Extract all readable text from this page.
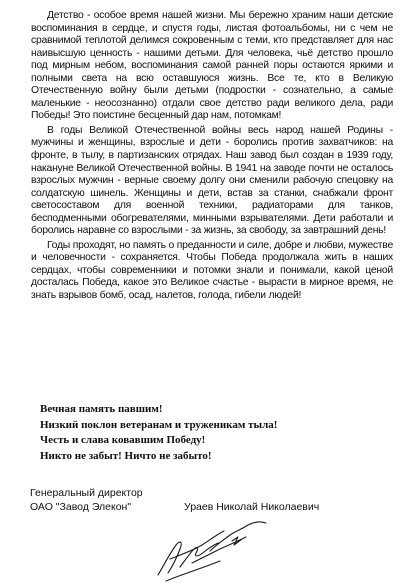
Детство - особое время нашей жизни. Мы бережно храним наши детские воспоминания в сердце, и спустя годы, листая фотоальбомы, ни с чем не сравнимой теплотой делимся сокровенным с теми, кто представляет для нас наивысшую ценность - нашими детьми. Для человека, чьё детство прошло под мирным небом, воспоминания самой ранней поры остаются яркими и полными света на всю оставшуюся жизнь. Все те, кто в Великую Отечественную войну были детьми (подростки - сознательно, а самые маленькие - неосознанно) отдали свое детство ради великого дела, ради Победы! Это поистине бесценный дар нам, потомкам!

В годы Великой Отечественной войны весь народ нашей Родины - мужчины и женщины, взрослые и дети - боролись против захватчиков: на фронте, в тылу, в партизанских отрядах. Наш завод был создан в 1939 году, накануне Великой Отечественной войны. В 1941 на заводе почти не осталось взрослых мужчин - верные своему долгу они сменили рабочую спецовку на солдатскую шинель. Женщины и дети, встав за станки, снабжали фронт светосоставом для военной техники, радиаторами для танков, бесподменными обогревателями, минными взрывателями. Дети работали и боролись наравне со взрослыми - за жизнь, за свободу, за завтрашний день!

Годы проходят, но память о преданности и силе, добре и любви, мужестве и человечности - сохраняется. Чтобы Победа продолжала жить в наших сердцах, чтобы современники и потомки знали и понимали, какой ценой досталась Победа, какое это Великое счастье - вырасти в мирное время, не знать взрывов бомб, осад, налетов, голода, гибели людей!

Вечная память павшим!
Низкий поклон ветеранам и труженикам тыла!
Честь и слава ковавшим Победу!
Никто не забыт! Ничто не забыто!
Генеральный директор
ОАО "Завод Элекон"	Ураев Николай Николаевич
